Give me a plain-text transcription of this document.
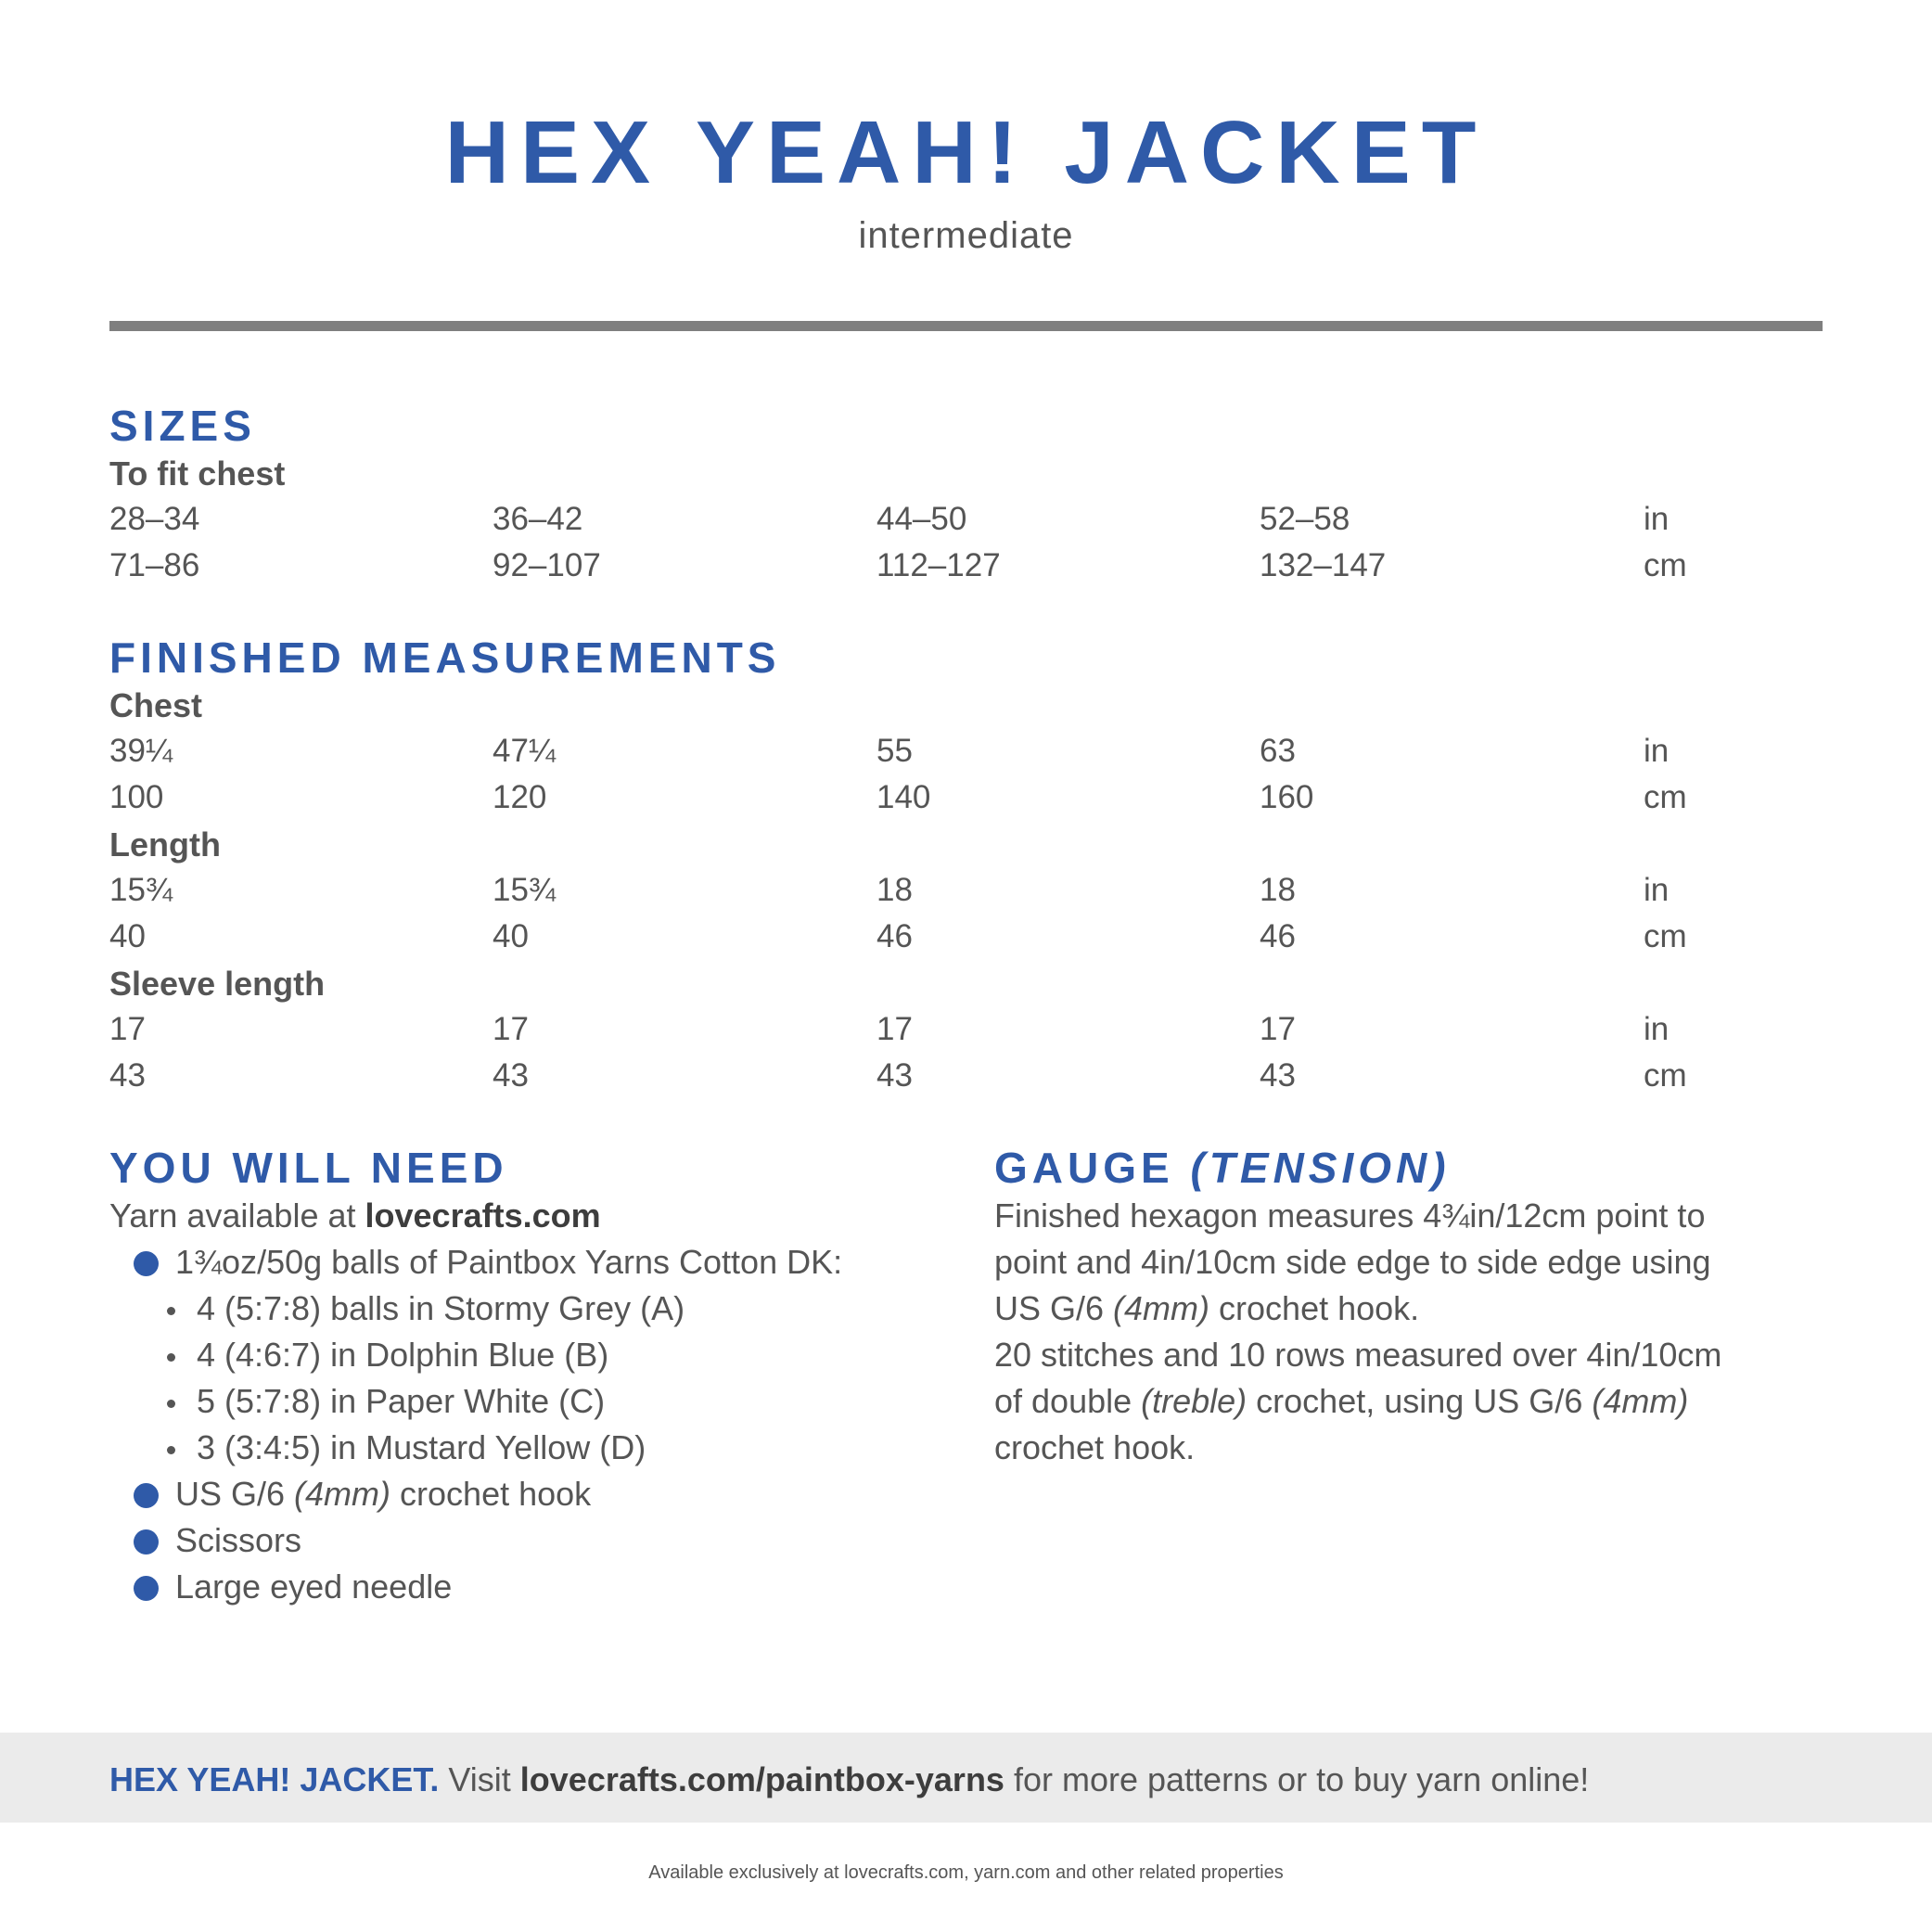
HEX YEAH! JACKET
intermediate
SIZES
To fit chest
28–34	36–42	44–50	52–58	in
71–86	92–107	112–127	132–147	cm
FINISHED MEASUREMENTS
Chest
39¼	47¼	55	63	in
100	120	140	160	cm
Length
15¾	15¾	18	18	in
40	40	46	46	cm
Sleeve length
17	17	17	17	in
43	43	43	43	cm
YOU WILL NEED
Yarn available at lovecrafts.com
1¾oz/50g balls of Paintbox Yarns Cotton DK:
4 (5:7:8) balls in Stormy Grey (A)
4 (4:6:7) in Dolphin Blue (B)
5 (5:7:8) in Paper White (C)
3 (3:4:5) in Mustard Yellow (D)
US G/6 (4mm) crochet hook
Scissors
Large eyed needle
GAUGE (TENSION)
Finished hexagon measures 4¾in/12cm point to
point and 4in/10cm side edge to side edge using
US G/6 (4mm) crochet hook.
20 stitches and 10 rows measured over 4in/10cm
of double (treble) crochet, using US G/6 (4mm)
crochet hook.
HEX YEAH! JACKET. Visit lovecrafts.com/paintbox-yarns for more patterns or to buy yarn online!
Available exclusively at lovecrafts.com, yarn.com and other related properties
